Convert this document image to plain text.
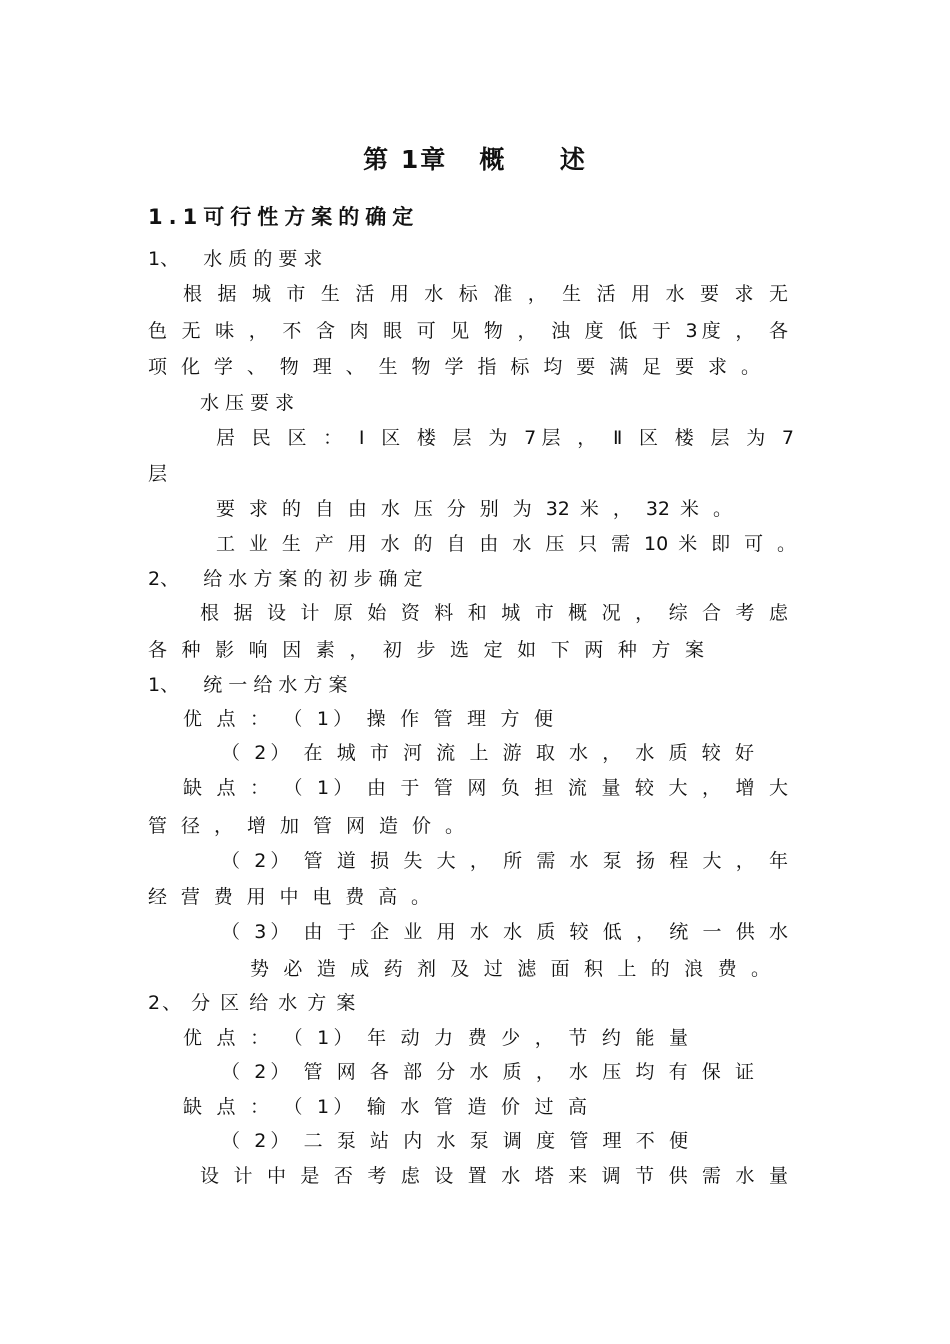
第 1章   概     述
1.1可行性方案的确定
1、    水 质 的 要 求
根 据 城 市 生 活 用 水 标 准 ， 生 活 用 水 要 求 无
色 无 味 ， 不 含 肉 眼 可 见 物 ， 浊 度 低 于 3度 ， 各
项 化 学 、 物 理 、 生 物 学 指 标 均 要 满 足 要 求 。
水 压 要 求
居 民 区 ： Ⅰ 区 楼 层 为 7层 ， Ⅱ 区 楼 层 为 7
层
要 求 的 自 由 水 压 分 别 为 32 米 ， 32 米 。
工 业 生 产 用 水 的 自 由 水 压 只 需 10 米 即 可 。
2、    给 水 方 案 的 初 步 确 定
根 据 设 计 原 始 资 料 和 城 市 概 况 ， 综 合 考 虑
各 种 影 响 因 素 ， 初 步 选 定 如 下 两 种 方 案
1、    统 一 给 水 方 案
优 点 ： （ 1） 操 作 管 理 方 便
（ 2） 在 城 市 河 流 上 游 取 水 ， 水 质 较 好
缺 点 ： （ 1） 由 于 管 网 负 担 流 量 较 大 ， 增 大
管 径 ， 增 加 管 网 造 价 。
（ 2） 管 道 损 失 大 ， 所 需 水 泵 扬 程 大 ， 年
经 营 费 用 中 电 费 高 。
（ 3） 由 于 企 业 用 水 水 质 较 低 ， 统 一 供 水
势 必 造 成 药 剂 及 过 滤 面 积 上 的 浪 费 。
2、 分 区 给 水 方 案
优 点 ： （ 1） 年 动 力 费 少 ， 节 约 能 量
（ 2） 管 网 各 部 分 水 质 ， 水 压 均 有 保 证
缺 点 ： （ 1） 输 水 管 造 价 过 高
（ 2） 二 泵 站 内 水 泵 调 度 管 理 不 便
设 计 中 是 否 考 虑 设 置 水 塔 来 调 节 供 需 水 量
